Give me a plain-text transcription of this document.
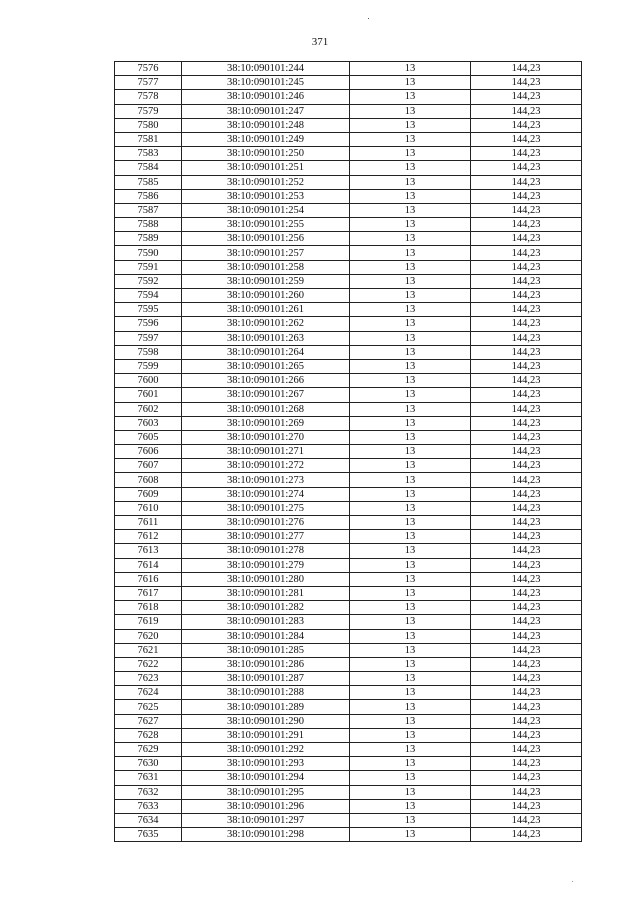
371
7576	38:10:090101:244	13	144,23
7577	38:10:090101:245	13	144,23
7578	38:10:090101:246	13	144,23
7579	38:10:090101:247	13	144,23
7580	38:10:090101:248	13	144,23
7581	38:10:090101:249	13	144,23
7583	38:10:090101:250	13	144,23
7584	38:10:090101:251	13	144,23
7585	38:10:090101:252	13	144,23
7586	38:10:090101:253	13	144,23
7587	38:10:090101:254	13	144,23
7588	38:10:090101:255	13	144,23
7589	38:10:090101:256	13	144,23
7590	38:10:090101:257	13	144,23
7591	38:10:090101:258	13	144,23
7592	38:10:090101:259	13	144,23
7594	38:10:090101:260	13	144,23
7595	38:10:090101:261	13	144,23
7596	38:10:090101:262	13	144,23
7597	38:10:090101:263	13	144,23
7598	38:10:090101:264	13	144,23
7599	38:10:090101:265	13	144,23
7600	38:10:090101:266	13	144,23
7601	38:10:090101:267	13	144,23
7602	38:10:090101:268	13	144,23
7603	38:10:090101:269	13	144,23
7605	38:10:090101:270	13	144,23
7606	38:10:090101:271	13	144,23
7607	38:10:090101:272	13	144,23
7608	38:10:090101:273	13	144,23
7609	38:10:090101:274	13	144,23
7610	38:10:090101:275	13	144,23
7611	38:10:090101:276	13	144,23
7612	38:10:090101:277	13	144,23
7613	38:10:090101:278	13	144,23
7614	38:10:090101:279	13	144,23
7616	38:10:090101:280	13	144,23
7617	38:10:090101:281	13	144,23
7618	38:10:090101:282	13	144,23
7619	38:10:090101:283	13	144,23
7620	38:10:090101:284	13	144,23
7621	38:10:090101:285	13	144,23
7622	38:10:090101:286	13	144,23
7623	38:10:090101:287	13	144,23
7624	38:10:090101:288	13	144,23
7625	38:10:090101:289	13	144,23
7627	38:10:090101:290	13	144,23
7628	38:10:090101:291	13	144,23
7629	38:10:090101:292	13	144,23
7630	38:10:090101:293	13	144,23
7631	38:10:090101:294	13	144,23
7632	38:10:090101:295	13	144,23
7633	38:10:090101:296	13	144,23
7634	38:10:090101:297	13	144,23
7635	38:10:090101:298	13	144,23
